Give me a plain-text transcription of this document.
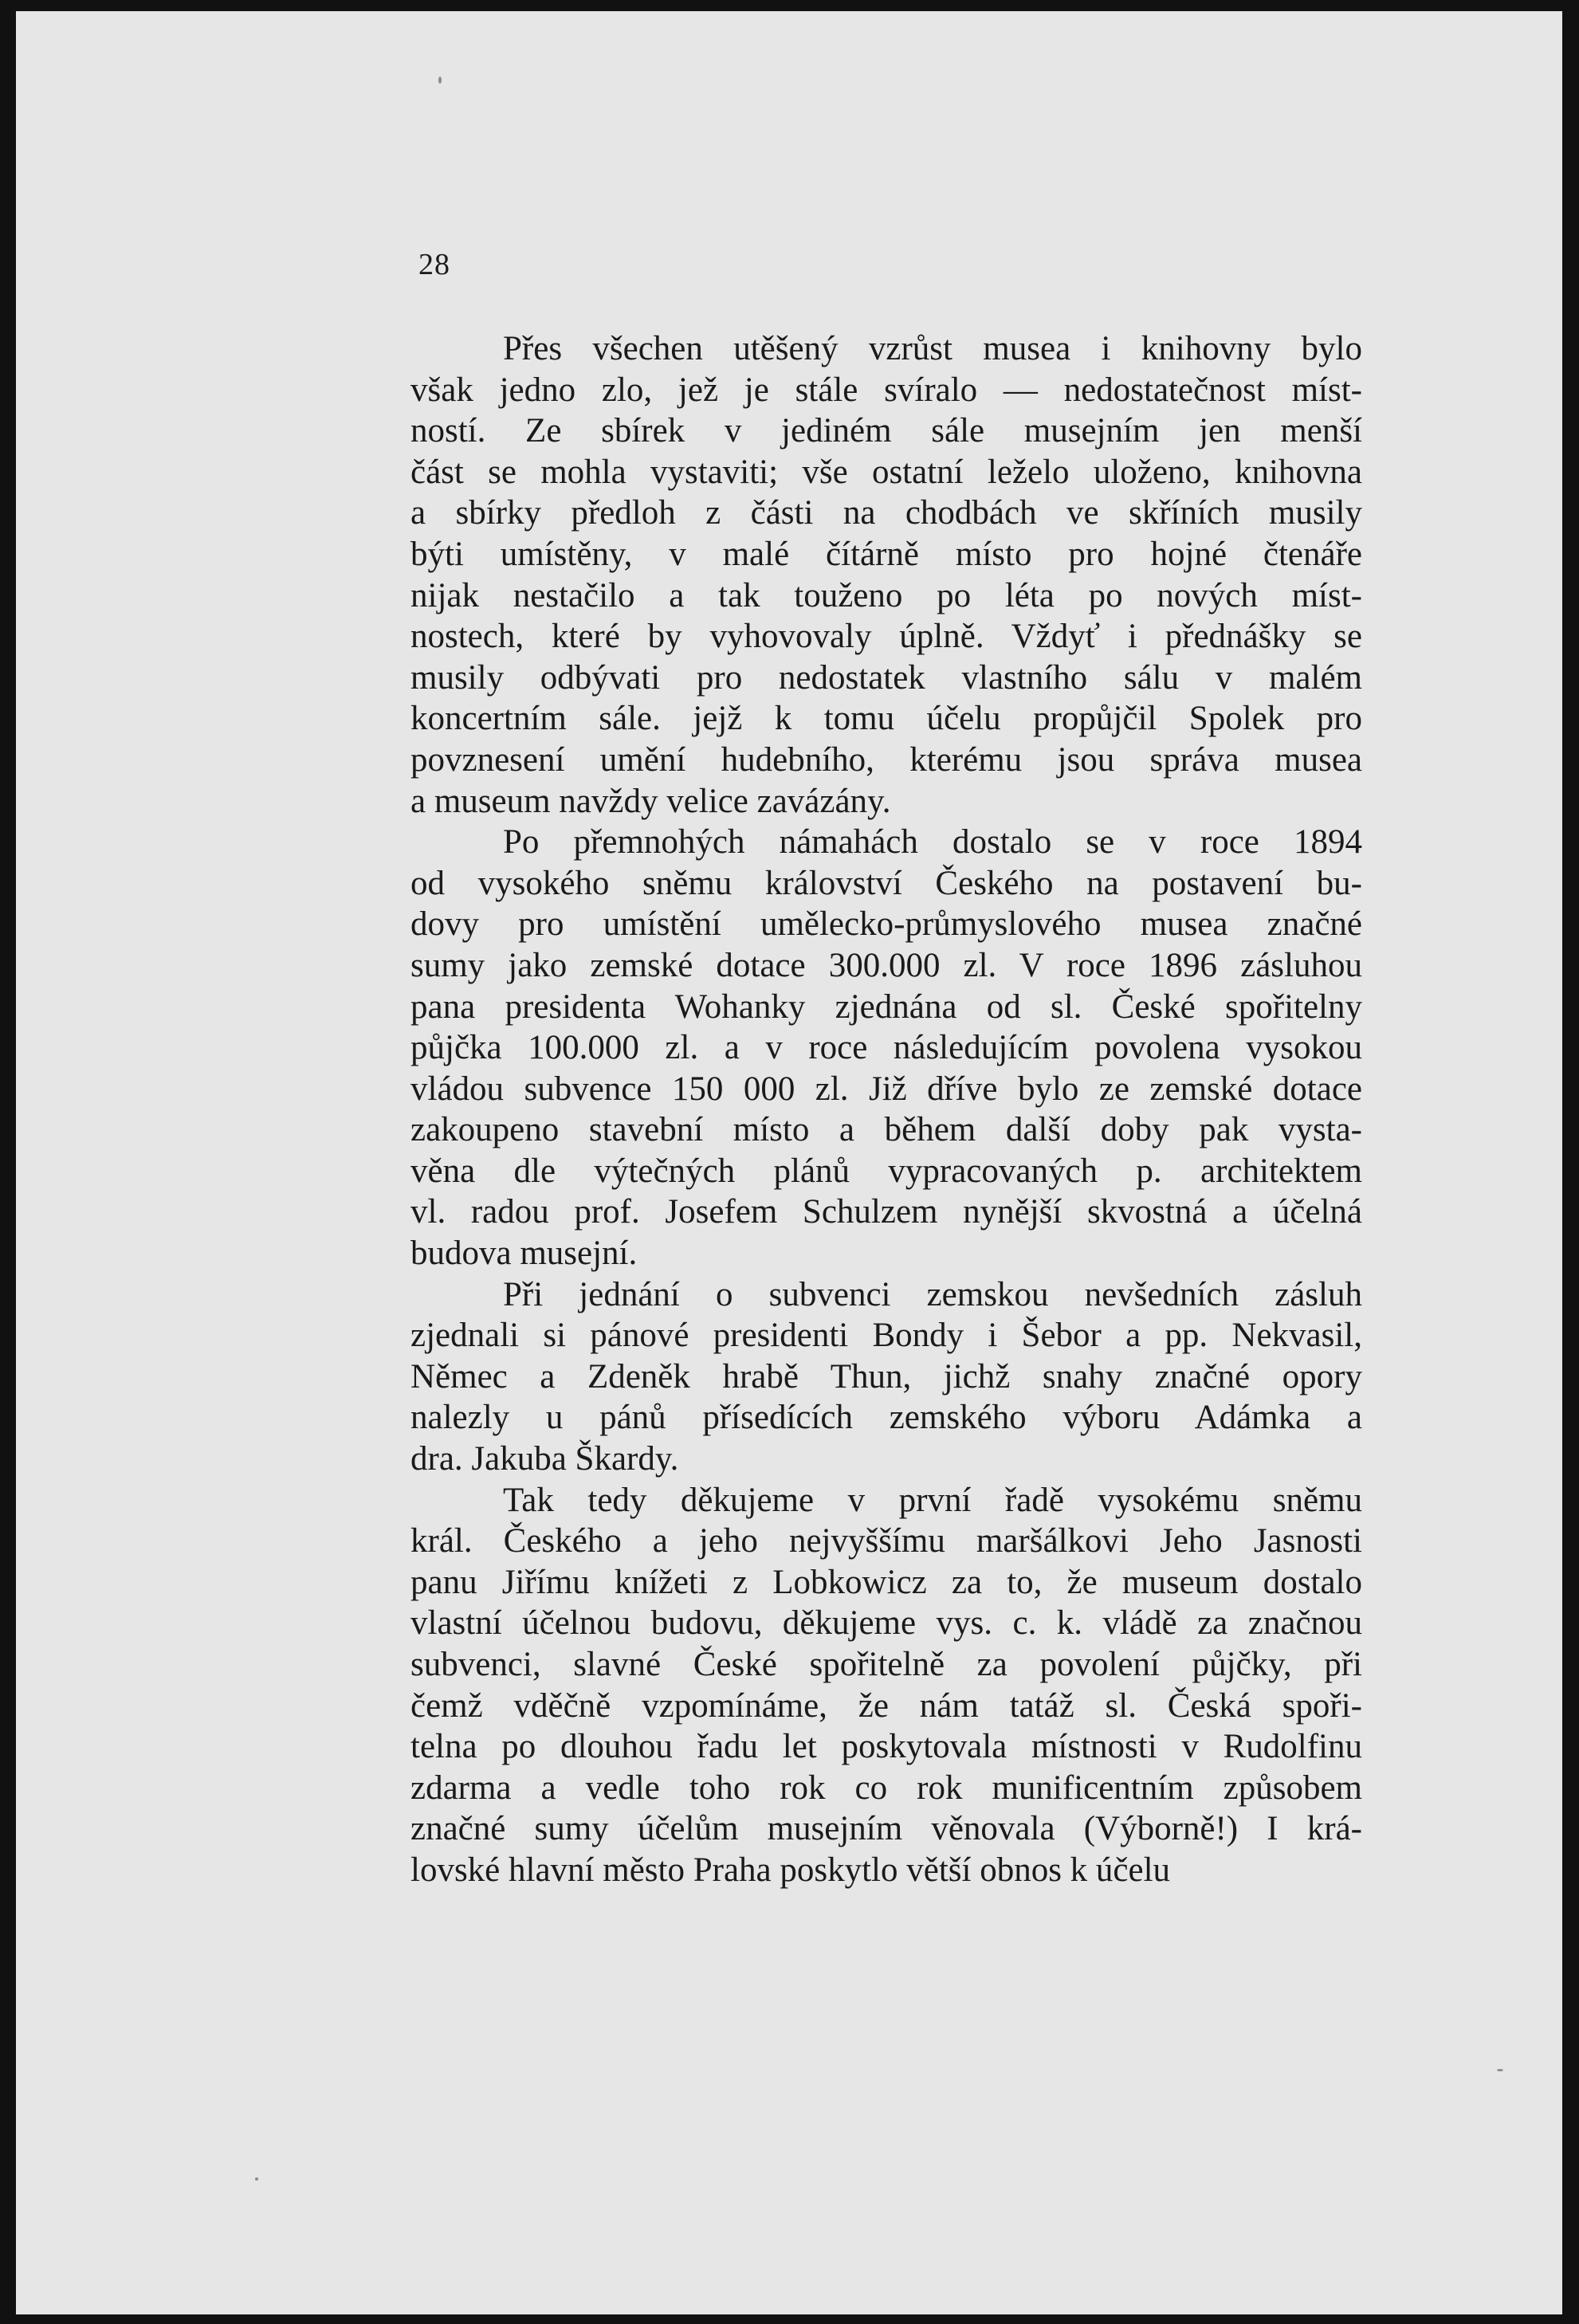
28
Přes všechen utěšený vzrůst musea i knihovny bylo
však jedno zlo, jež je stále svíralo — nedostatečnost míst-
ností. Ze sbírek v jediném sále musejním jen menší
část se mohla vystaviti; vše ostatní leželo uloženo, knihovna
a sbírky předloh z části na chodbách ve skříních musily
býti umístěny, v malé čítárně místo pro hojné čtenáře
nijak nestačilo a tak touženo po léta po nových míst-
nostech, které by vyhovovaly úplně. Vždyť i přednášky se
musily odbývati pro nedostatek vlastního sálu v malém
koncertním sále. jejž k tomu účelu propůjčil Spolek pro
povznesení umění hudebního, kterému jsou správa musea
a museum navždy velice zavázány.
Po přemnohých námahách dostalo se v roce 1894
od vysokého sněmu království Českého na postavení bu-
dovy pro umístění umělecko-průmyslového musea značné
sumy jako zemské dotace 300.000 zl. V roce 1896 zásluhou
pana presidenta Wohanky zjednána od sl. České spořitelny
půjčka 100.000 zl. a v roce následujícím povolena vysokou
vládou subvence 150 000 zl. Již dříve bylo ze zemské dotace
zakoupeno stavební místo a během další doby pak vysta-
věna dle výtečných plánů vypracovaných p. architektem
vl. radou prof. Josefem Schulzem nynější skvostná a účelná
budova musejní.
Při jednání o subvenci zemskou nevšedních zásluh
zjednali si pánové presidenti Bondy i Šebor a pp. Nekvasil,
Němec a Zdeněk hrabě Thun, jichž snahy značné opory
nalezly u pánů přísedících zemského výboru Adámka a
dra. Jakuba Škardy.
Tak tedy děkujeme v první řadě vysokému sněmu
král. Českého a jeho nejvyššímu maršálkovi Jeho Jasnosti
panu Jiřímu knížeti z Lobkowicz za to, že museum dostalo
vlastní účelnou budovu, děkujeme vys. c. k. vládě za značnou
subvenci, slavné České spořitelně za povolení půjčky, při
čemž vděčně vzpomínáme, že nám tatáž sl. Česká spoři-
telna po dlouhou řadu let poskytovala místnosti v Rudolfinu
zdarma a vedle toho rok co rok munificentním způsobem
značné sumy účelům musejním věnovala (Výborně!) I krá-
lovské hlavní město Praha poskytlo větší obnos k účelu
